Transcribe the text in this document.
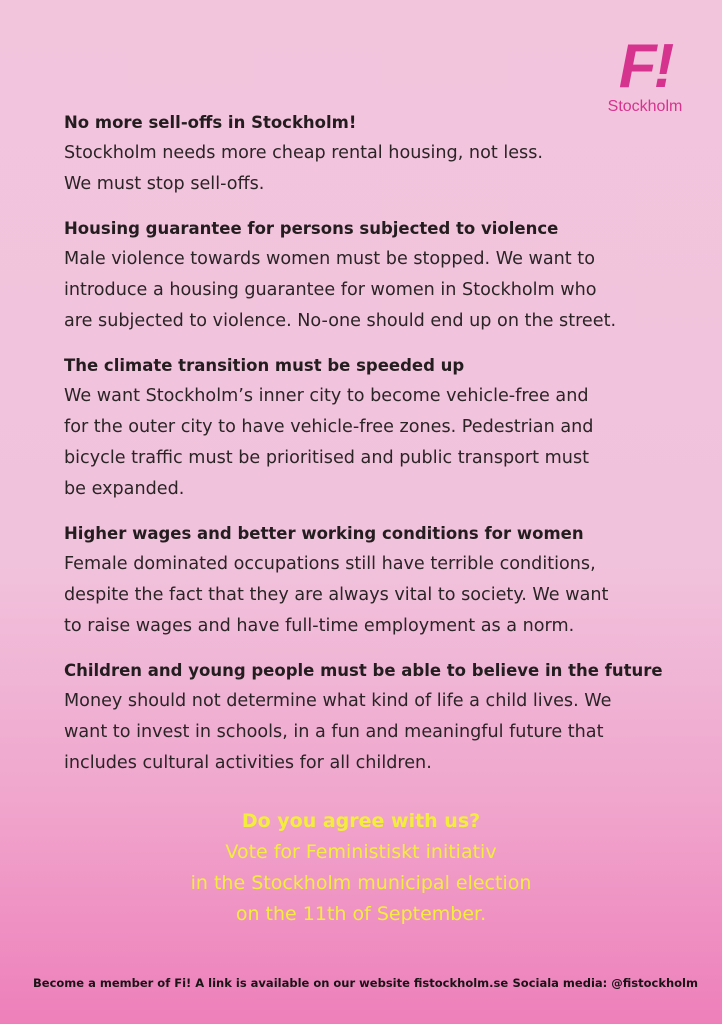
F!
Stockholm
No more sell-offs in Stockholm!
Stockholm needs more cheap rental housing, not less.
We must stop sell-offs.
Housing guarantee for persons subjected to violence
Male violence towards women must be stopped. We want to
introduce a housing guarantee for women in Stockholm who
are subjected to violence. No-one should end up on the street.
The climate transition must be speeded up
We want Stockholm’s inner city to become vehicle-free and
for the outer city to have vehicle-free zones. Pedestrian and
bicycle traffic must be prioritised and public transport must
be expanded.
Higher wages and better working conditions for women
Female dominated occupations still have terrible conditions,
despite the fact that they are always vital to society. We want
to raise wages and have full-time employment as a norm.
Children and young people must be able to believe in the future
Money should not determine what kind of life a child lives. We
want to invest in schools, in a fun and meaningful future that
includes cultural activities for all children.
Do you agree with us?
Vote for Feministiskt initiativ
in the Stockholm municipal election
on the 11th of September.
Become a member of Fi! A link is available on our website fistockholm.se Sociala media: @fistockholm
